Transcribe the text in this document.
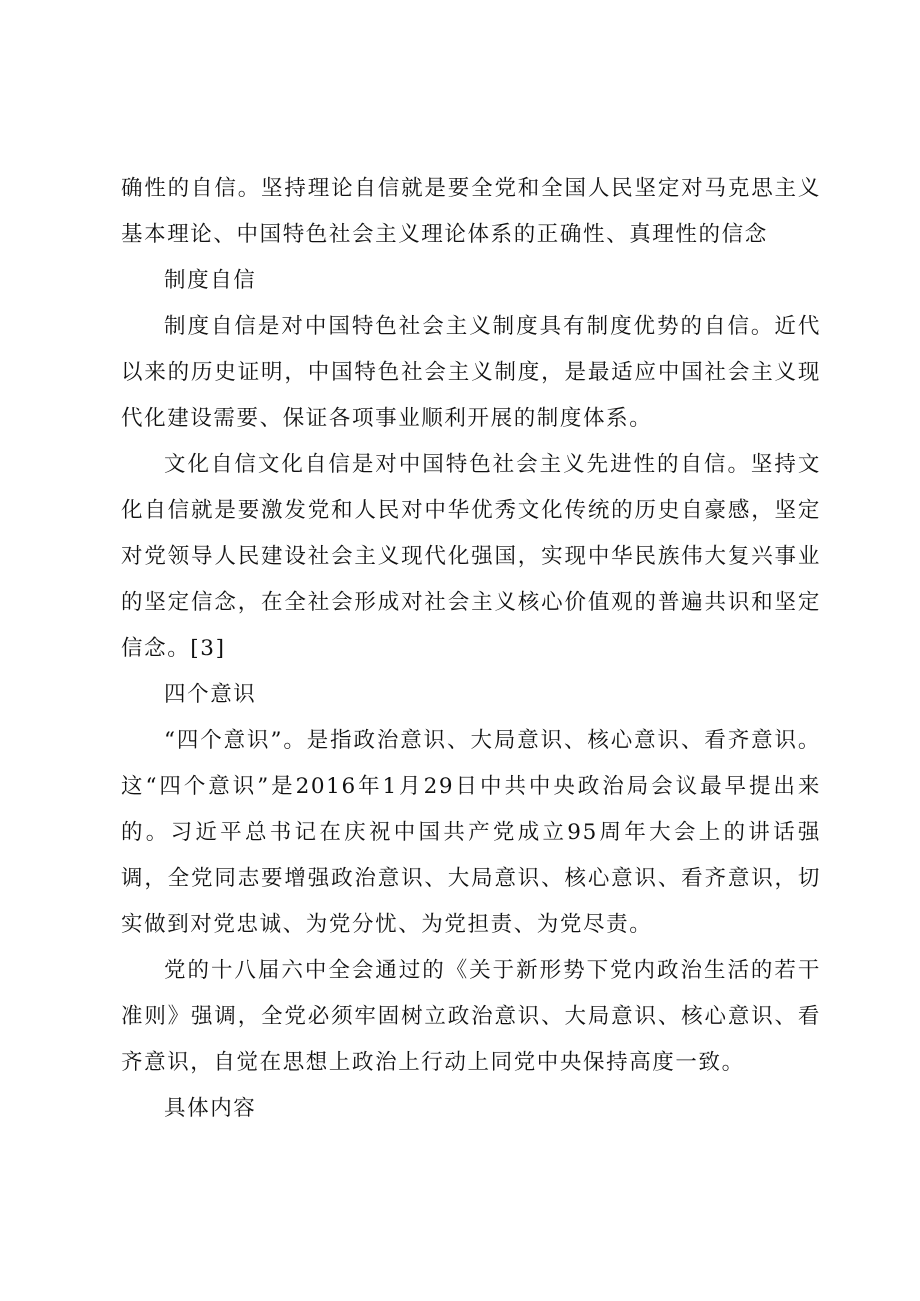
确性的自信。坚持理论自信就是要全党和全国人民坚定对马克思主义基本理论、中国特色社会主义理论体系的正确性、真理性的信念

制度自信

制度自信是对中国特色社会主义制度具有制度优势的自信。近代以来的历史证明，中国特色社会主义制度，是最适应中国社会主义现代化建设需要、保证各项事业顺利开展的制度体系。

文化自信文化自信是对中国特色社会主义先进性的自信。坚持文化自信就是要激发党和人民对中华优秀文化传统的历史自豪感，坚定对党领导人民建设社会主义现代化强国，实现中华民族伟大复兴事业的坚定信念，在全社会形成对社会主义核心价值观的普遍共识和坚定信念。[3]

四个意识

“四个意识”。是指政治意识、大局意识、核心意识、看齐意识。这“四个意识”是2016年1月29日中共中央政治局会议最早提出来的。习近平总书记在庆祝中国共产党成立95周年大会上的讲话强调，全党同志要增强政治意识、大局意识、核心意识、看齐意识，切实做到对党忠诚、为党分忧、为党担责、为党尽责。

党的十八届六中全会通过的《关于新形势下党内政治生活的若干准则》强调，全党必须牢固树立政治意识、大局意识、核心意识、看齐意识，自觉在思想上政治上行动上同党中央保持高度一致。

具体内容
